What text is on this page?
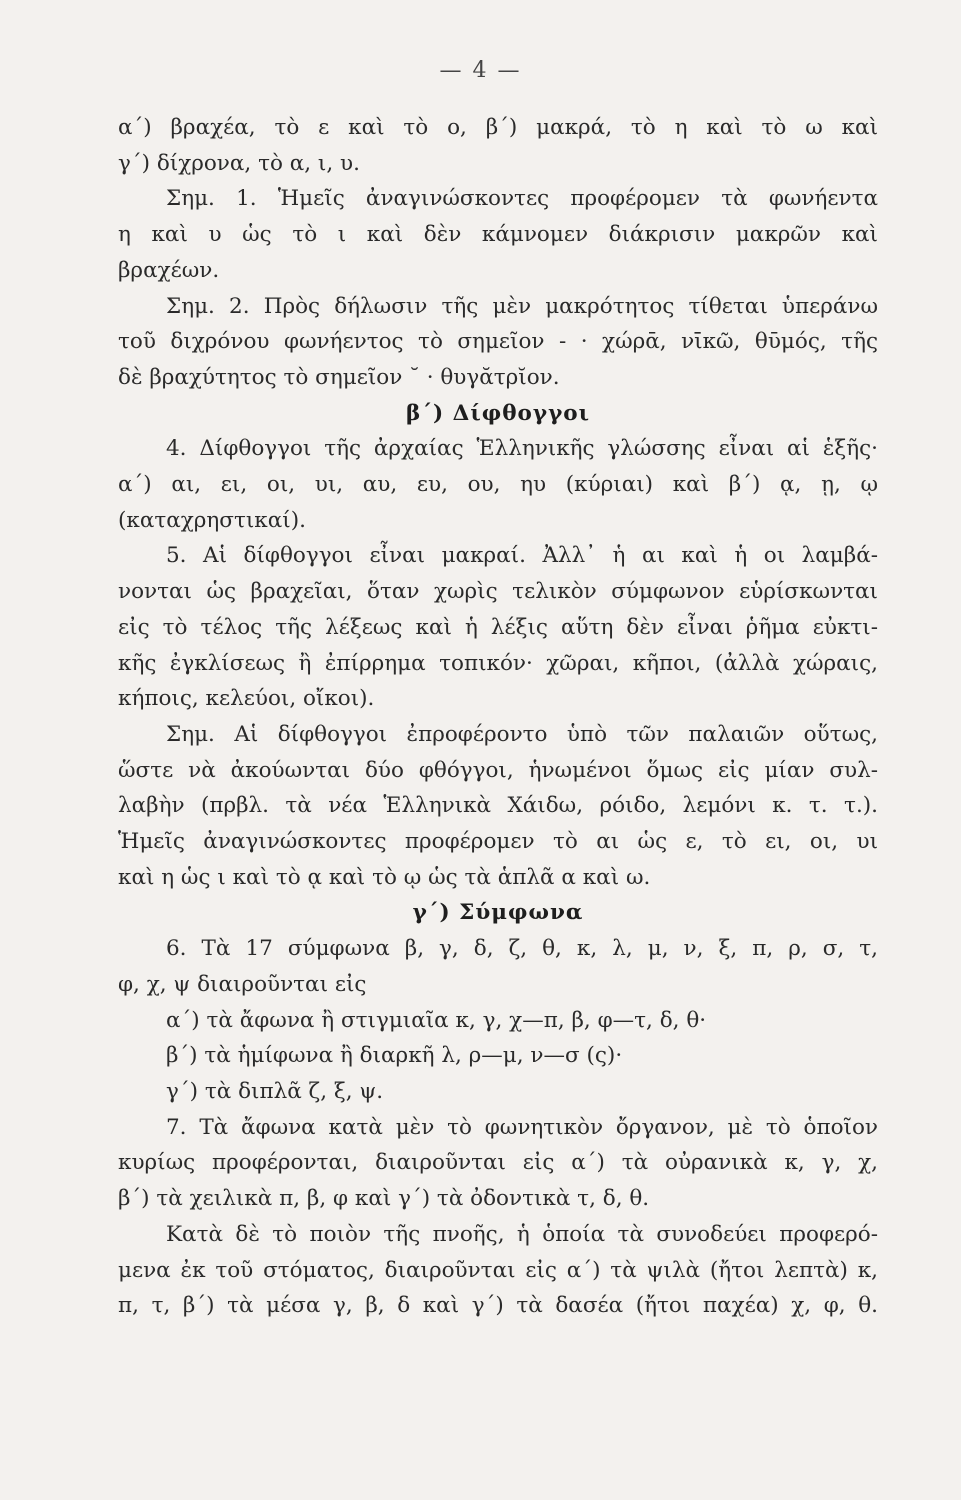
— 4 —

α΄) βραχέα, τὸ ε καὶ τὸ ο, β΄) μακρά, τὸ η καὶ τὸ ω καὶ

γ΄) δίχρονα, τὸ α, ι, υ.

Σημ. 1. Ἡμεῖς ἀναγινώσκοντες προφέρομεν τὰ φωνήεντα

η καὶ υ ὡς τὸ ι καὶ δὲν κάμνομεν διάκρισιν μακρῶν καὶ

βραχέων.

Σημ. 2. Πρὸς δήλωσιν τῆς μὲν μακρότητος τίθεται ὑπεράνω

τοῦ διχρόνου φωνήεντος τὸ σημεῖον - · χώρᾱ, νῑκῶ, θῡμός, τῆς

δὲ βραχύτητος τὸ σημεῖον ˘ · θυγᾰτρῐον.

β΄) Δίφθογγοι

4. Δίφθογγοι τῆς ἀρχαίας Ἑλληνικῆς γλώσσης εἶναι αἱ ἑξῆς·

α΄) αι, ει, οι, υι, αυ, ευ, ου, ηυ (κύριαι) καὶ β΄) ᾳ, ῃ, ῳ

(καταχρηστικαί).

5. Αἱ δίφθογγοι εἶναι μακραί. Ἀλλ᾿ ἡ αι καὶ ἡ οι λαμβά-

νονται ὡς βραχεῖαι, ὅταν χωρὶς τελικὸν σύμφωνον εὑρίσκωνται

εἰς τὸ τέλος τῆς λέξεως καὶ ἡ λέξις αὕτη δὲν εἶναι ῥῆμα εὐκτι-

κῆς ἐγκλίσεως ἢ ἐπίρρημα τοπικόν· χῶραι, κῆποι, (ἀλλὰ χώραις,

κήποις, κελεύοι, οἴκοι).

Σημ. Αἱ δίφθογγοι ἐπροφέροντο ὑπὸ τῶν παλαιῶν οὕτως,

ὥστε νὰ ἀκούωνται δύο φθόγγοι, ἡνωμένοι ὅμως εἰς μίαν συλ-

λαβὴν (πρβλ. τὰ νέα Ἑλληνικὰ Χάιδω, ρόιδο, λεμόνι κ. τ. τ.).

Ἡμεῖς ἀναγινώσκοντες προφέρομεν τὸ αι ὡς ε, τὸ ει, οι, υι

καὶ η ὡς ι καὶ τὸ ᾳ καὶ τὸ ῳ ὡς τὰ ἁπλᾶ α καὶ ω.

γ΄) Σύμφωνα

6. Τὰ 17 σύμφωνα β, γ, δ, ζ, θ, κ, λ, μ, ν, ξ, π, ρ, σ, τ,

φ, χ, ψ διαιροῦνται εἰς

α΄) τὰ ἄφωνα ἢ στιγμιαῖα κ, γ, χ—π, β, φ—τ, δ, θ·

β΄) τὰ ἡμίφωνα ἢ διαρκῆ λ, ρ—μ, ν—σ (ς)·

γ΄) τὰ διπλᾶ ζ, ξ, ψ.

7. Τὰ ἄφωνα κατὰ μὲν τὸ φωνητικὸν ὄργανον, μὲ τὸ ὁποῖον

κυρίως προφέρονται, διαιροῦνται εἰς α΄) τὰ οὐρανικὰ κ, γ, χ,

β΄) τὰ χειλικὰ π, β, φ καὶ γ΄) τὰ ὀδοντικὰ τ, δ, θ.

Κατὰ δὲ τὸ ποιὸν τῆς πνοῆς, ἡ ὁποία τὰ συνοδεύει προφερό-

μενα ἐκ τοῦ στόματος, διαιροῦνται εἰς α΄) τὰ ψιλὰ (ἤτοι λεπτὰ) κ,

π, τ, β΄) τὰ μέσα γ, β, δ καὶ γ΄) τὰ δασέα (ἤτοι παχέα) χ, φ, θ.
